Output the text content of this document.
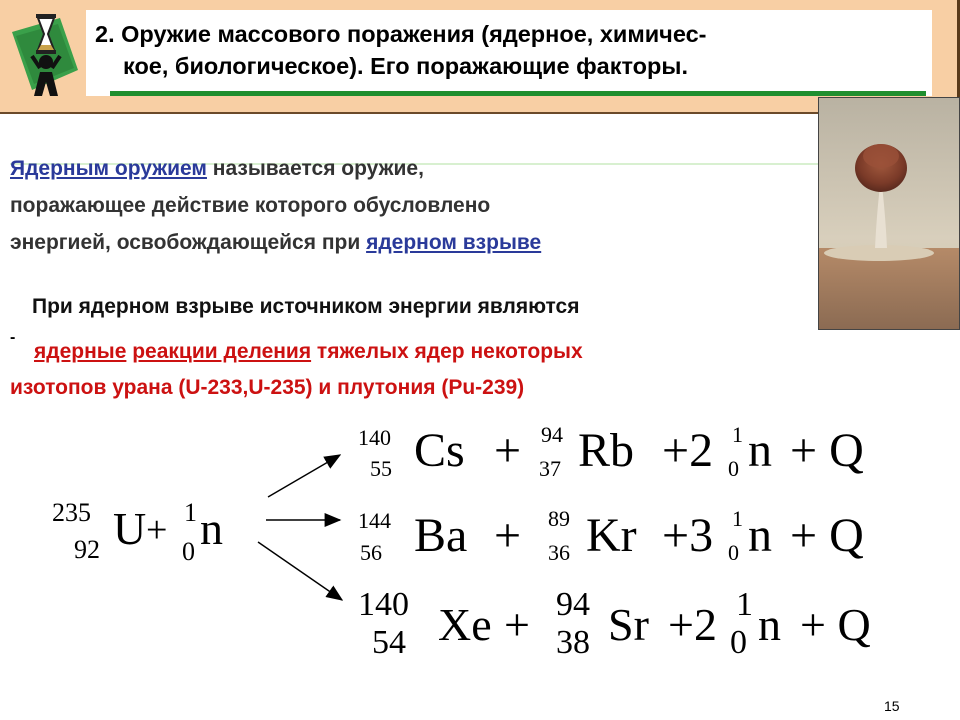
2. Оружие массового поражения (ядерное, химичес-
кое, биологическое). Его поражающие факторы.
Ядерным оружием называется оружие,
поражающее действие которого обусловлено
энергией, освобождающейся при ядерном взрыве
При ядерном взрыве источником энергии являются
-
ядерные реакции деления тяжелых ядер некоторых
изотопов урана (U-233,U-235) и плутония (Pu-239)
235
92 U + 1
0 n
140
55 Cs + 94
37 Rb +2 1
0 n + Q
144
56 Ba + 89
36 Kr +3 1
0 n + Q
140
54 Xe + 94
38 Sr +2 1
0 n + Q
15
